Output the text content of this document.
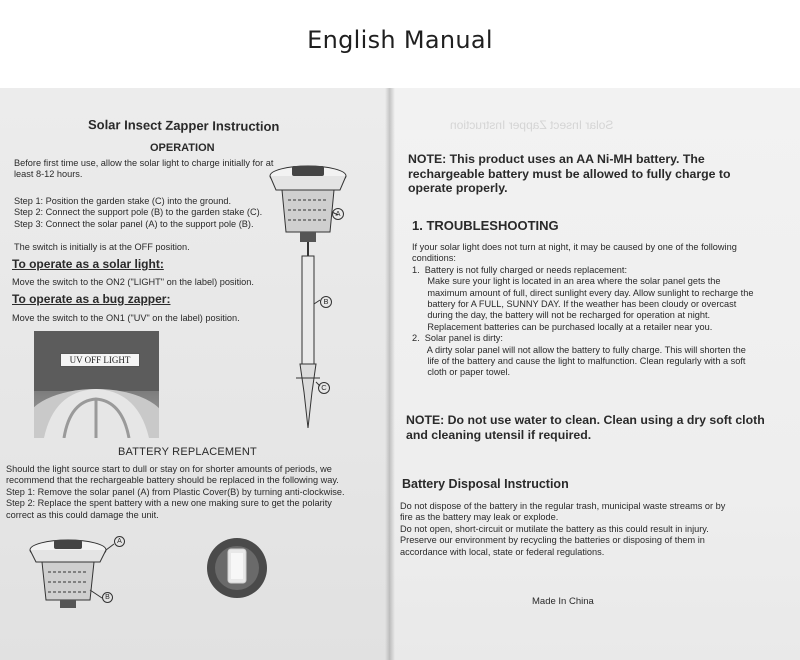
English Manual
Solar Insect Zapper Instruction
OPERATION
Before first time use, allow the solar light to charge initially for at least 8-12 hours.
Step 1: Position the garden stake (C) into the ground.
Step 2: Connect the support pole (B) to the garden stake (C).
Step 3: Connect the solar panel (A) to the support pole (B).
The switch is initially is at the OFF position.
To operate as a solar light:
Move the switch to the ON2 ("LIGHT" on the label) position.
To operate as a bug zapper:
Move the switch to the ON1 ("UV" on the label) position.
UV OFF LIGHT
A
B
C
BATTERY REPLACEMENT
Should the light source start to dull or stay on for shorter amounts of periods, we
recommend that the rechargeable battery should be replaced in the following way.
Step 1: Remove the solar panel (A) from Plastic Cover(B) by turning anti-clockwise.
Step 2: Replace the spent battery with a new one making sure to get the polarity
correct as this could damage the unit.
A
B
Solar Insect Zapper Instruction
NOTE: This product uses an AA Ni-MH battery. The rechargeable battery must be allowed to fully charge to operate properly.
1. TROUBLESHOOTING
If your solar light does not turn at night, it may be caused by one of the following
conditions:
1.  Battery is not fully charged or needs replacement:
Make sure your light is located in an area where the solar panel gets the
maximum amount of full, direct sunlight every day. Allow sunlight to recharge the
battery for A FULL, SUNNY DAY. If the weather has been cloudy or overcast
during the day, the battery will not be recharged for operation at night.
Replacement batteries can be purchased locally at a retailer near you.
2.  Solar panel is dirty:
A dirty solar panel will not allow the battery to fully charge. This will shorten the
life of the battery and cause the light to malfunction. Clean regularly with a soft
cloth or paper towel.
NOTE: Do not use water to clean. Clean using a dry soft cloth and cleaning utensil if required.
Battery Disposal Instruction
Do not dispose of the battery in the regular trash, municipal waste streams or by
fire as the battery may leak or explode.
Do not open, short-circuit or mutilate the battery as this could result in injury.
Preserve our environment by recycling the batteries or disposing of them in
accordance with local, state or federal regulations.
Made In China
